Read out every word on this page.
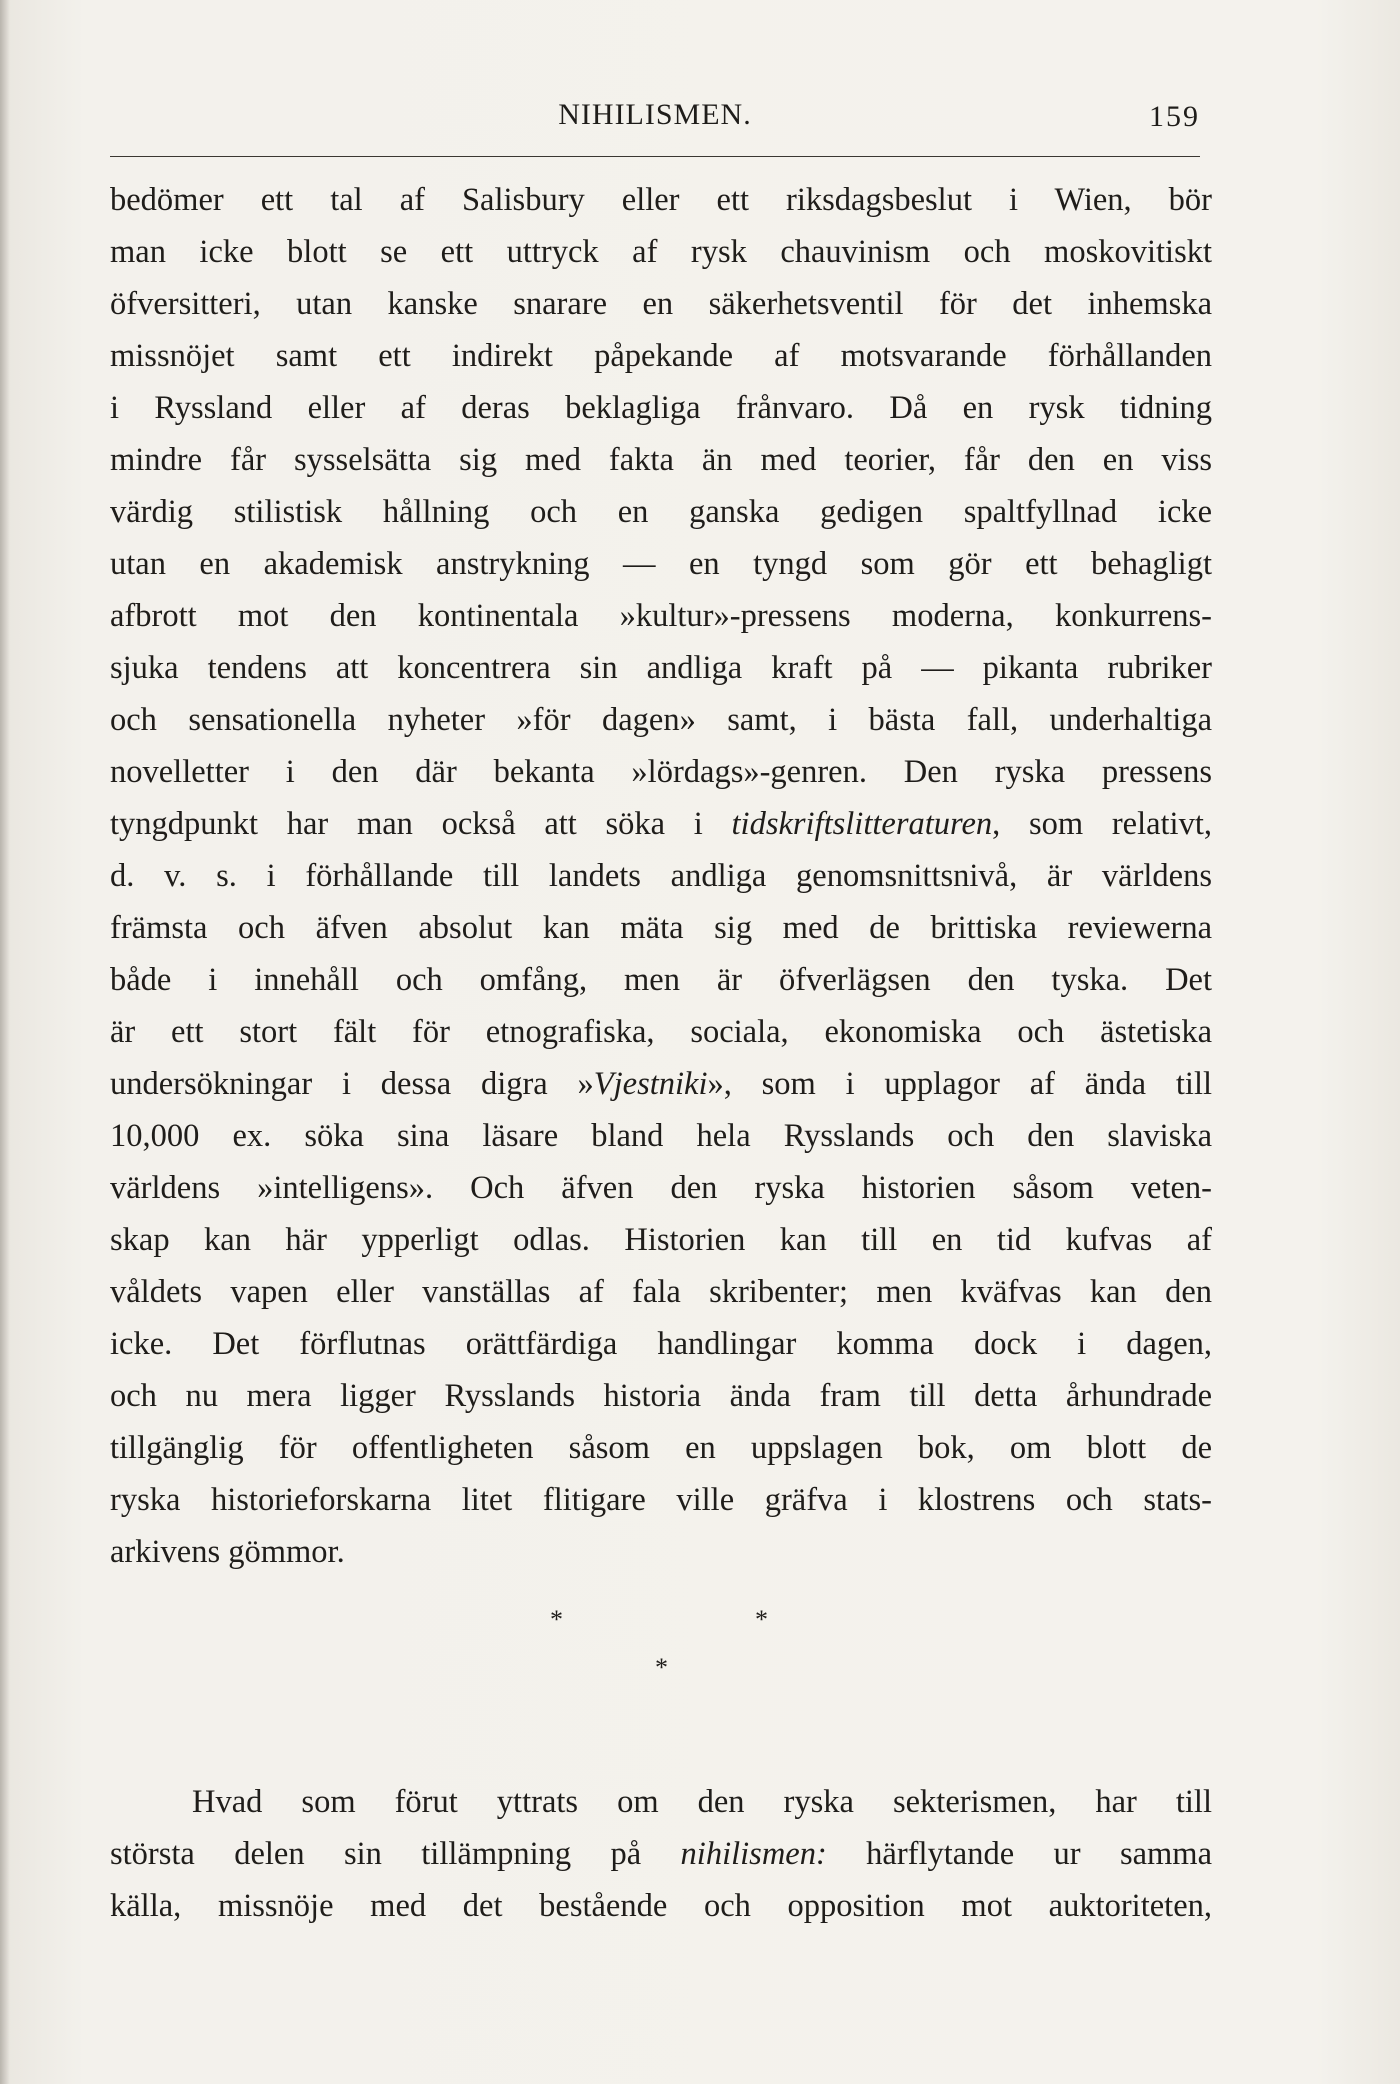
NIHILISMEN.	159
bedömer ett tal af Salisbury eller ett riksdagsbeslut i Wien, bör
man icke blott se ett uttryck af rysk chauvinism och moskovitiskt
öfversitteri, utan kanske snarare en säkerhetsventil för det inhemska
missnöjet samt ett indirekt påpekande af motsvarande förhållanden
i Ryssland eller af deras beklagliga frånvaro. Då en rysk tidning
mindre får sysselsätta sig med fakta än med teorier, får den en viss
värdig stilistisk hållning och en ganska gedigen spaltfyllnad icke
utan en akademisk anstrykning — en tyngd som gör ett behagligt
afbrott mot den kontinentala »kultur»-pressens moderna, konkurrens-
sjuka tendens att koncentrera sin andliga kraft på — pikanta rubriker
och sensationella nyheter »för dagen» samt, i bästa fall, underhaltiga
novelletter i den där bekanta »lördags»-genren. Den ryska pressens
tyngdpunkt har man också att söka i tidskriftslitteraturen, som relativt,
d. v. s. i förhållande till landets andliga genomsnittsnivå, är världens
främsta och äfven absolut kan mäta sig med de brittiska reviewerna
både i innehåll och omfång, men är öfverlägsen den tyska. Det
är ett stort fält för etnografiska, sociala, ekonomiska och ästetiska
undersökningar i dessa digra »Vjestniki», som i upplagor af ända till
10,000 ex. söka sina läsare bland hela Rysslands och den slaviska
världens »intelligens». Och äfven den ryska historien såsom veten-
skap kan här ypperligt odlas. Historien kan till en tid kufvas af
våldets vapen eller vanställas af fala skribenter; men kväfvas kan den
icke. Det förflutnas orättfärdiga handlingar komma dock i dagen,
och nu mera ligger Rysslands historia ända fram till detta århundrade
tillgänglig för offentligheten såsom en uppslagen bok, om blott de
ryska historieforskarna litet flitigare ville gräfva i klostrens och stats-
arkivens gömmor.
*	*
*
Hvad som förut yttrats om den ryska sekterismen, har till
största delen sin tillämpning på nihilismen: härflytande ur samma
källa, missnöje med det bestående och opposition mot auktoriteten,
